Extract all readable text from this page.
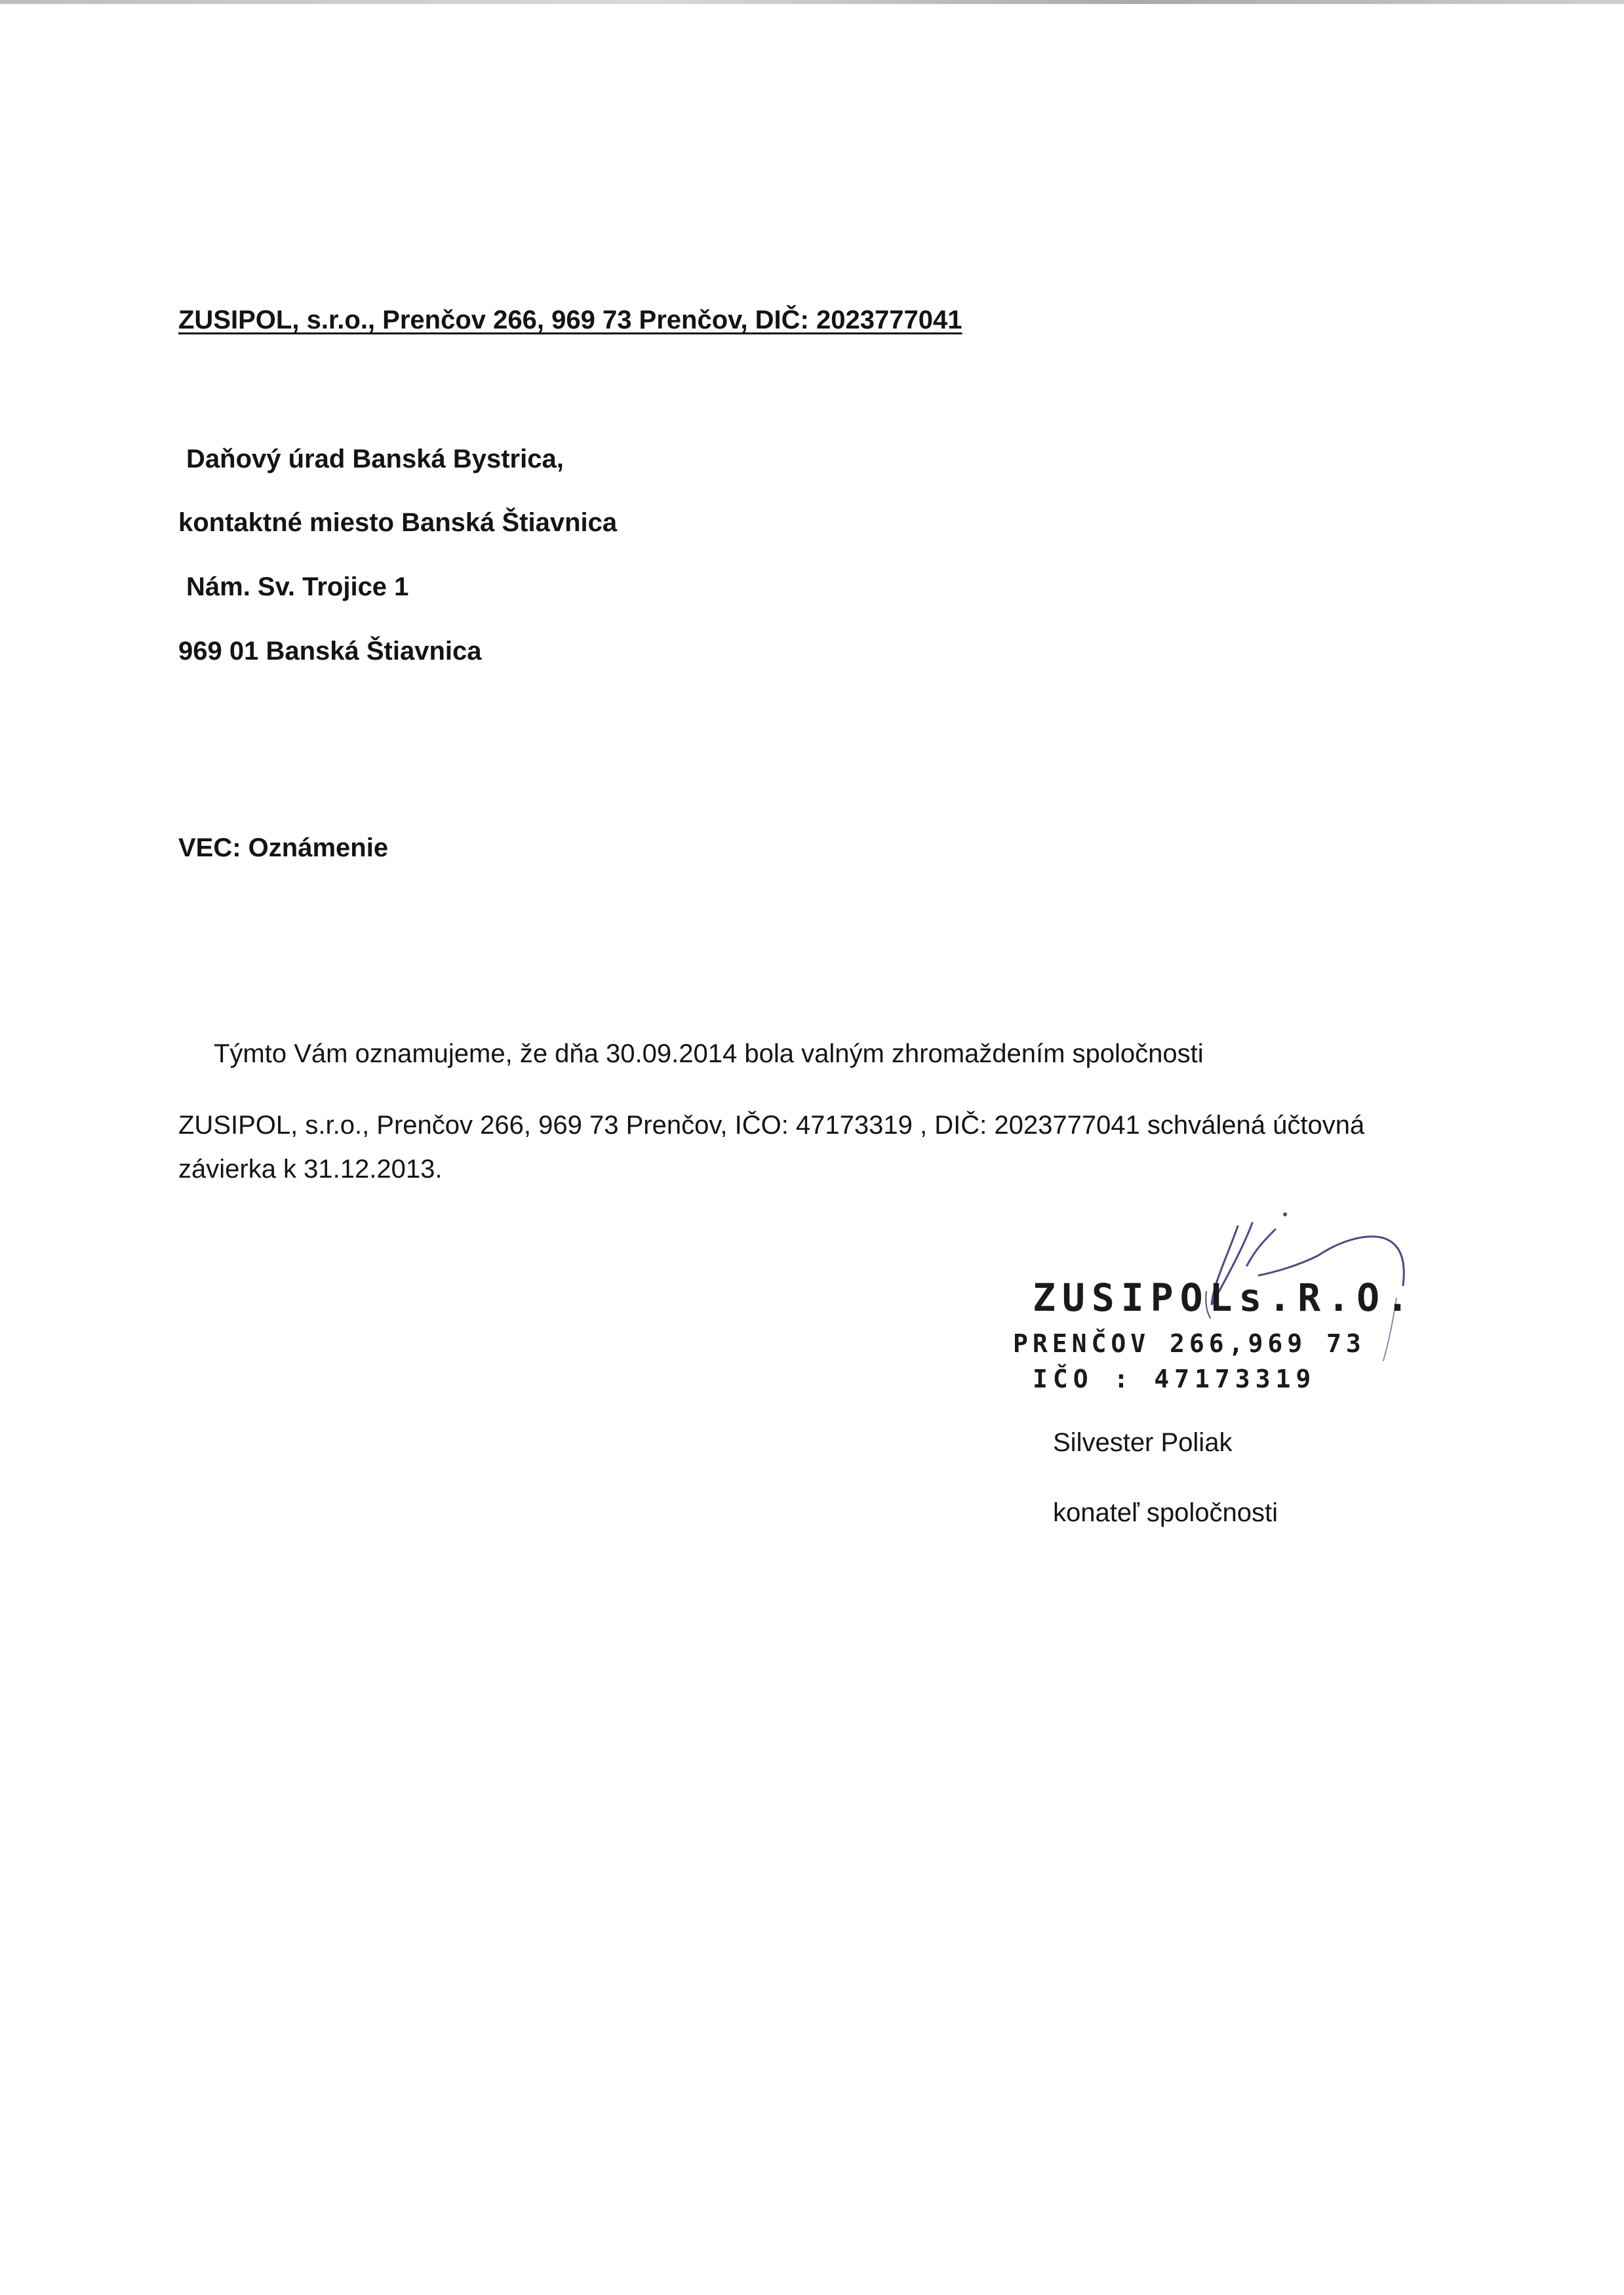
ZUSIPOL, s.r.o., Prenčov 266, 969 73 Prenčov, DIČ: 2023777041
Daňový úrad Banská Bystrica,
kontaktné miesto Banská Štiavnica
Nám. Sv. Trojice 1
969 01 Banská Štiavnica
VEC: Oznámenie
Týmto Vám oznamujeme, že dňa 30.09.2014 bola valným zhromaždením spoločnosti
ZUSIPOL, s.r.o., Prenčov 266, 969 73 Prenčov, IČO: 47173319 , DIČ: 2023777041 schválená účtovná
závierka k 31.12.2013.
ZUSIPOLs.R.O.
PRENČOV 266,969 73
IČO : 47173319
Silvester Poliak
konateľ spoločnosti
